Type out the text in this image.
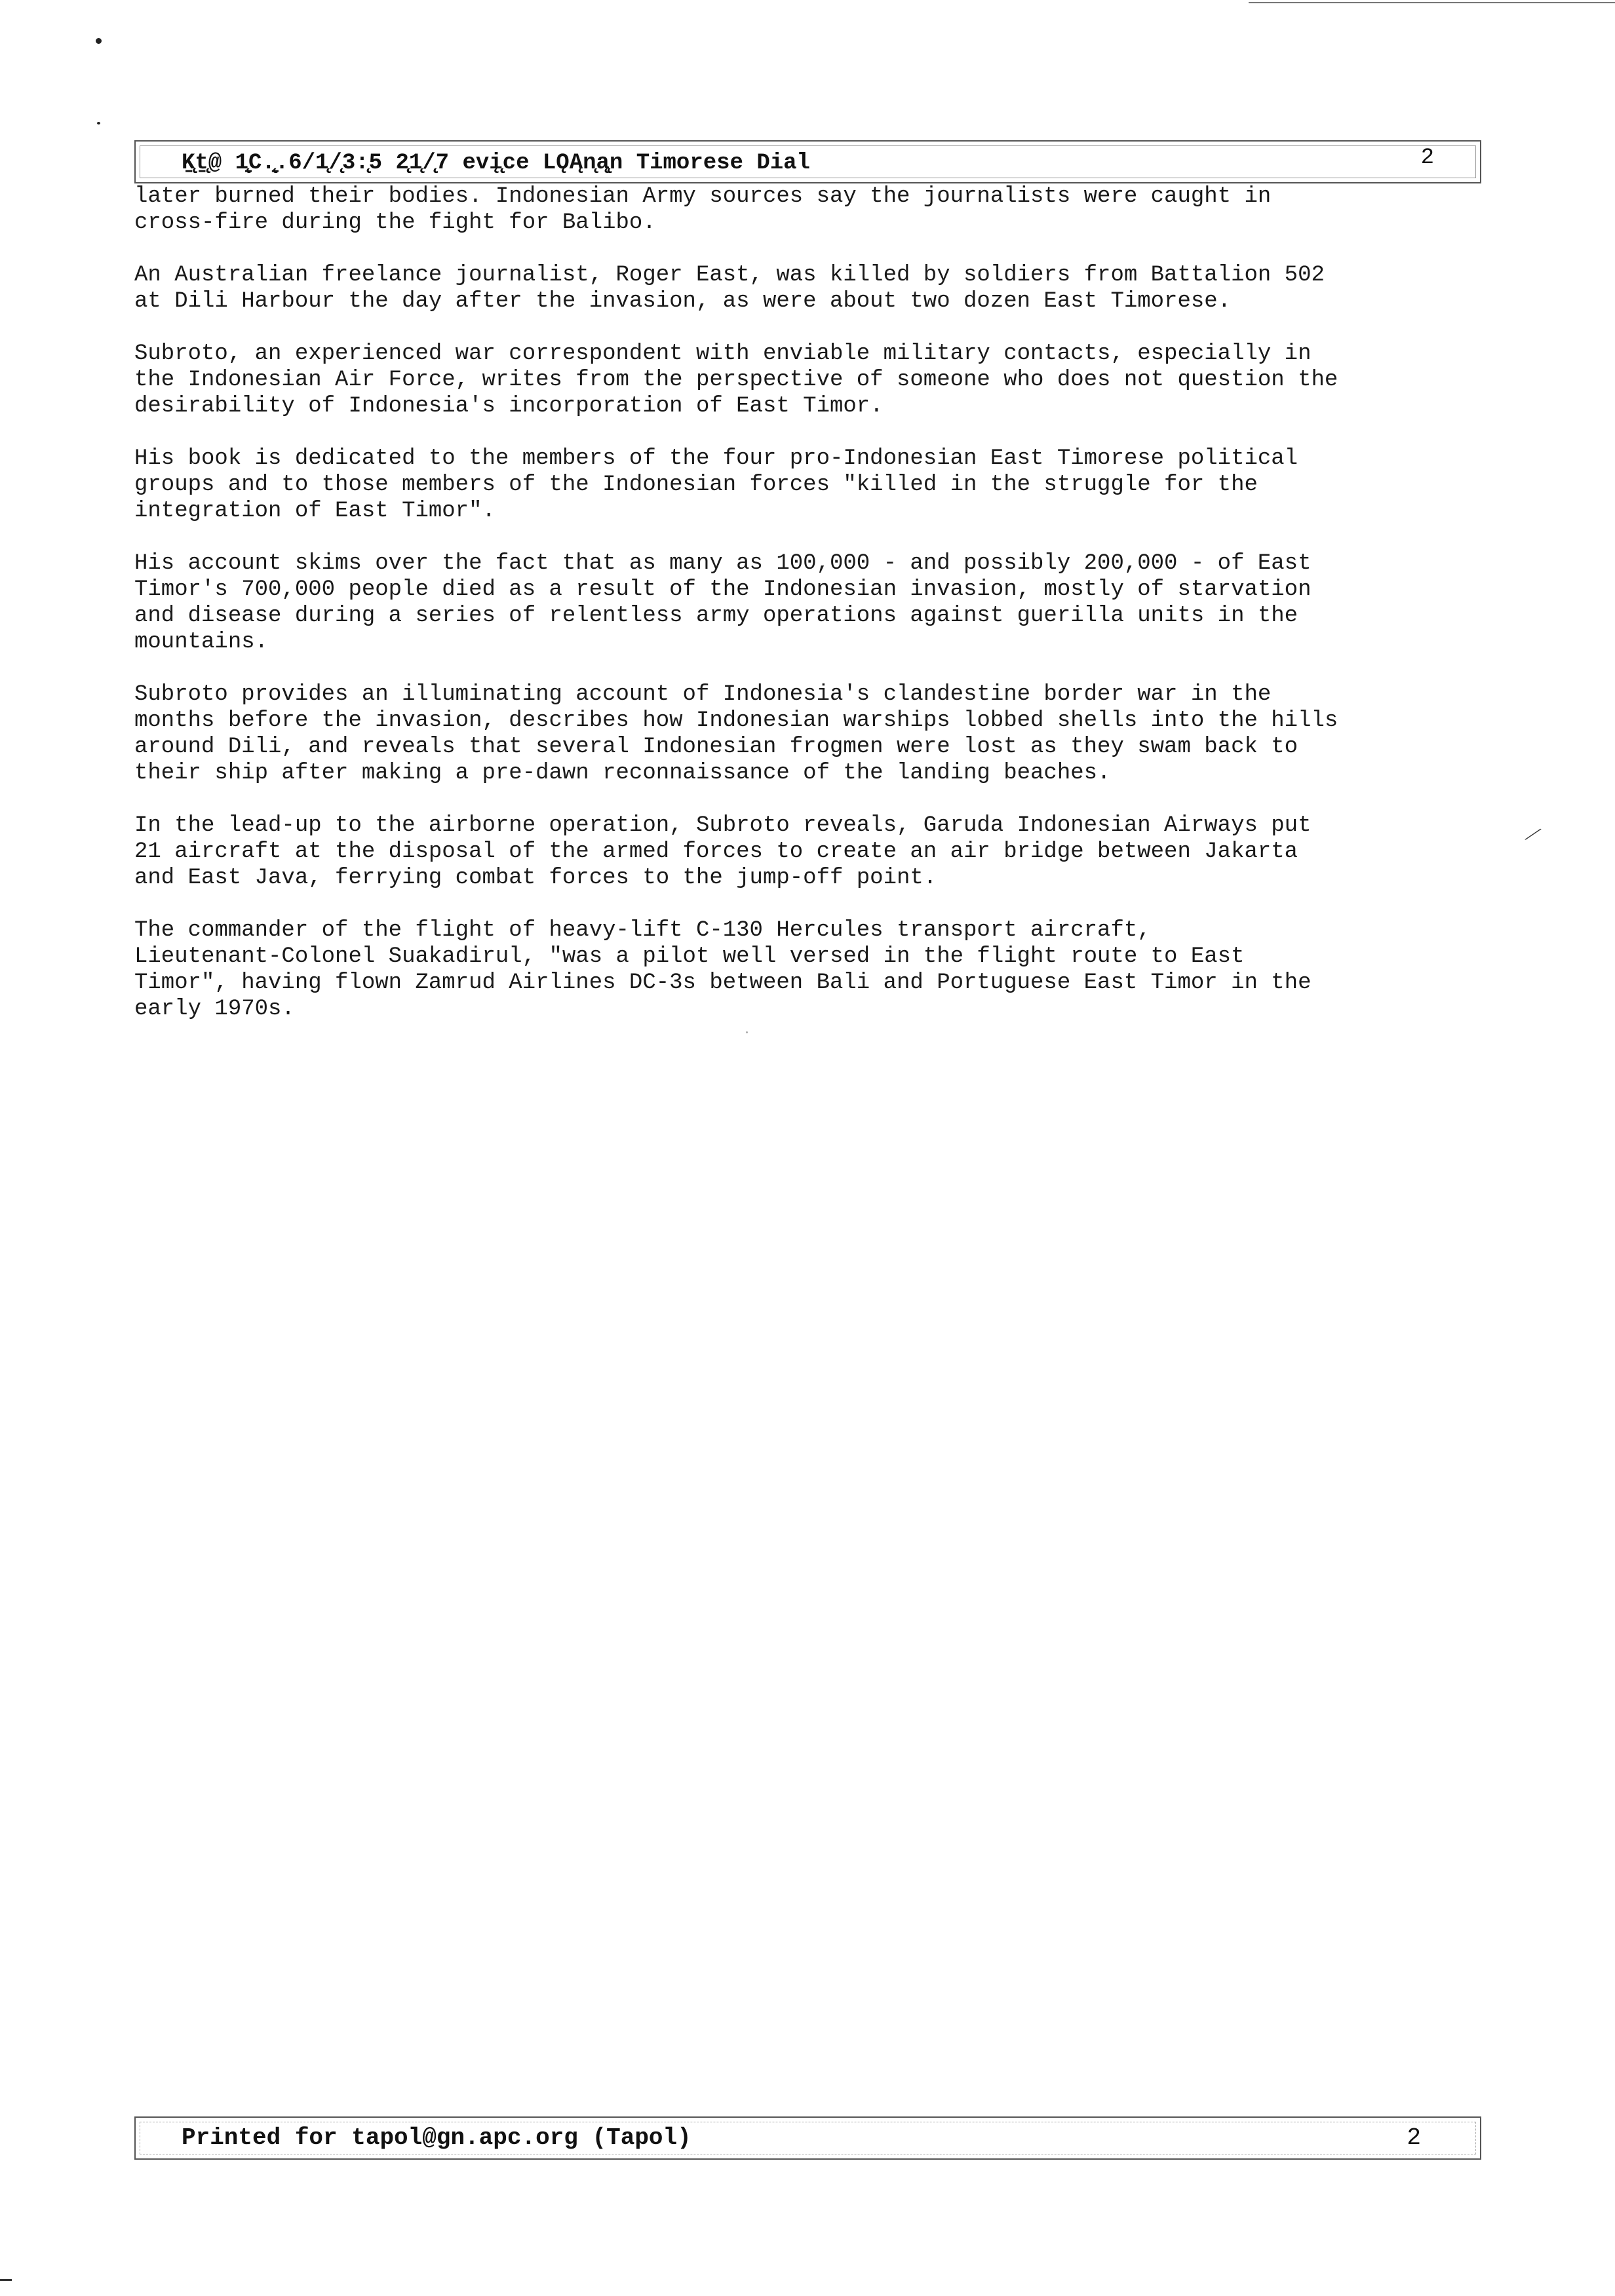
Ḵ̨̨ṯ̨@ 1̨̱C.̨̨̱.6/1̨/̨̨3:̨5 2̨̨1̨/̨̨7 evį̨̨ce LǪĄn̨ą̨̨n Timorese Dial	2

later burned their bodies. Indonesian Army sources say the journalists were caught in
cross-fire during the fight for Balibo.

An Australian freelance journalist, Roger East, was killed by soldiers from Battalion 502
at Dili Harbour the day after the invasion, as were about two dozen East Timorese.

Subroto, an experienced war correspondent with enviable military contacts, especially in
the Indonesian Air Force, writes from the perspective of someone who does not question the
desirability of Indonesia's incorporation of East Timor.

His book is dedicated to the members of the four pro-Indonesian East Timorese political
groups and to those members of the Indonesian forces "killed in the struggle for the
integration of East Timor".

His account skims over the fact that as many as 100,000 - and possibly 200,000 - of East
Timor's 700,000 people died as a result of the Indonesian invasion, mostly of starvation
and disease during a series of relentless army operations against guerilla units in the
mountains.

Subroto provides an illuminating account of Indonesia's clandestine border war in the
months before the invasion, describes how Indonesian warships lobbed shells into the hills
around Dili, and reveals that several Indonesian frogmen were lost as they swam back to
their ship after making a pre-dawn reconnaissance of the landing beaches.

In the lead-up to the airborne operation, Subroto reveals, Garuda Indonesian Airways put
21 aircraft at the disposal of the armed forces to create an air bridge between Jakarta
and East Java, ferrying combat forces to the jump-off point.

The commander of the flight of heavy-lift C-130 Hercules transport aircraft,
Lieutenant-Colonel Suakadirul, "was a pilot well versed in the flight route to East
Timor", having flown Zamrud Airlines DC-3s between Bali and Portuguese East Timor in the
early 1970s.

⁄
Printed for tapol@gn.apc.org (Tapol)	2
